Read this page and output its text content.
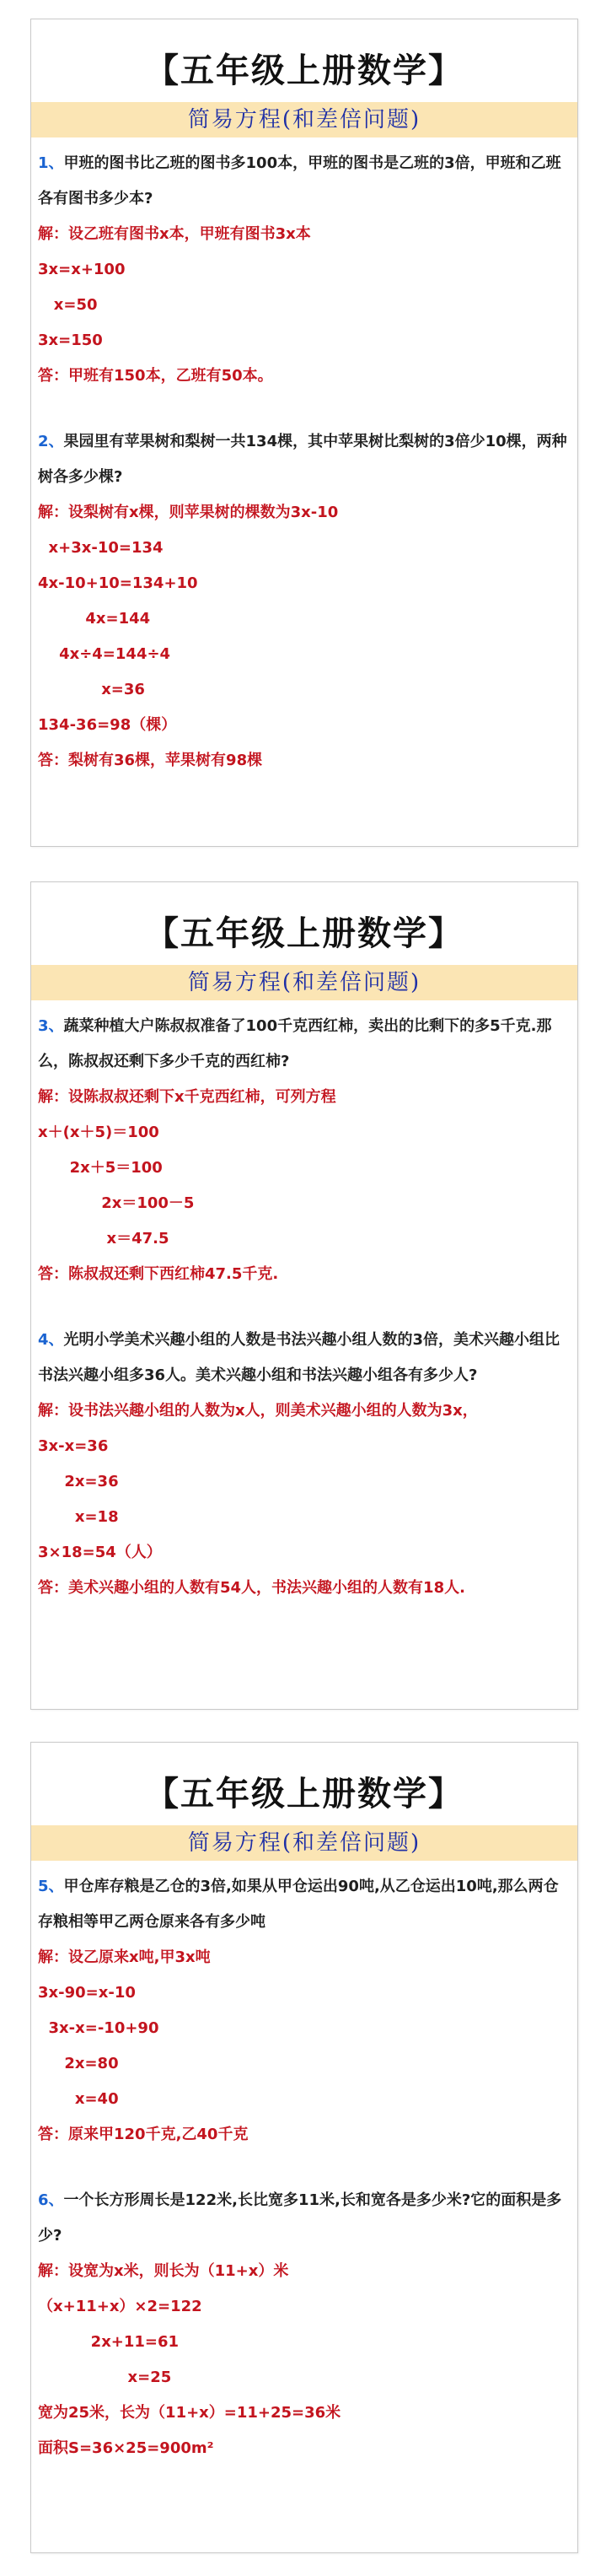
【五年级上册数学】
简易方程(和差倍问题)

1、甲班的图书比乙班的图书多100本，甲班的图书是乙班的3倍，甲班和乙班各有图书多少本?

解：设乙班有图书x本，甲班有图书3x本

3x=x+100

x=50

3x=150

答：甲班有150本，乙班有50本。

2、果园里有苹果树和梨树一共134棵，其中苹果树比梨树的3倍少10棵，两种树各多少棵?

解：设梨树有x棵，则苹果树的棵数为3x-10

x+3x-10=134

4x-10+10=134+10

4x=144

4x÷4=144÷4

x=36

134-36=98（棵）

答：梨树有36棵，苹果树有98棵

【五年级上册数学】
简易方程(和差倍问题)

3、蔬菜种植大户陈叔叔准备了100千克西红柿，卖出的比剩下的多5千克.那么，陈叔叔还剩下多少千克的西红柿?

解：设陈叔叔还剩下x千克西红柿，可列方程

x＋(x＋5)＝100

2x＋5＝100

2x＝100－5

x＝47.5

答：陈叔叔还剩下西红柿47.5千克.

4、光明小学美术兴趣小组的人数是书法兴趣小组人数的3倍，美术兴趣小组比书法兴趣小组多36人。美术兴趣小组和书法兴趣小组各有多少人?

解：设书法兴趣小组的人数为x人，则美术兴趣小组的人数为3x，

3x-x=36

2x=36

x=18

3×18=54（人）

答：美术兴趣小组的人数有54人，书法兴趣小组的人数有18人.

【五年级上册数学】
简易方程(和差倍问题)

5、甲仓库存粮是乙仓的3倍,如果从甲仓运出90吨,从乙仓运出10吨,那么两仓存粮相等甲乙两仓原来各有多少吨

解：设乙原来x吨,甲3x吨

3x-90=x-10

3x-x=-10+90

2x=80

x=40

答：原来甲120千克,乙40千克

6、一个长方形周长是122米,长比宽多11米,长和宽各是多少米?它的面积是多少?

解：设宽为x米，则长为（11+x）米

（x+11+x）×2=122

2x+11=61

x=25

宽为25米，长为（11+x）=11+25=36米

面积S=36×25=900m²
